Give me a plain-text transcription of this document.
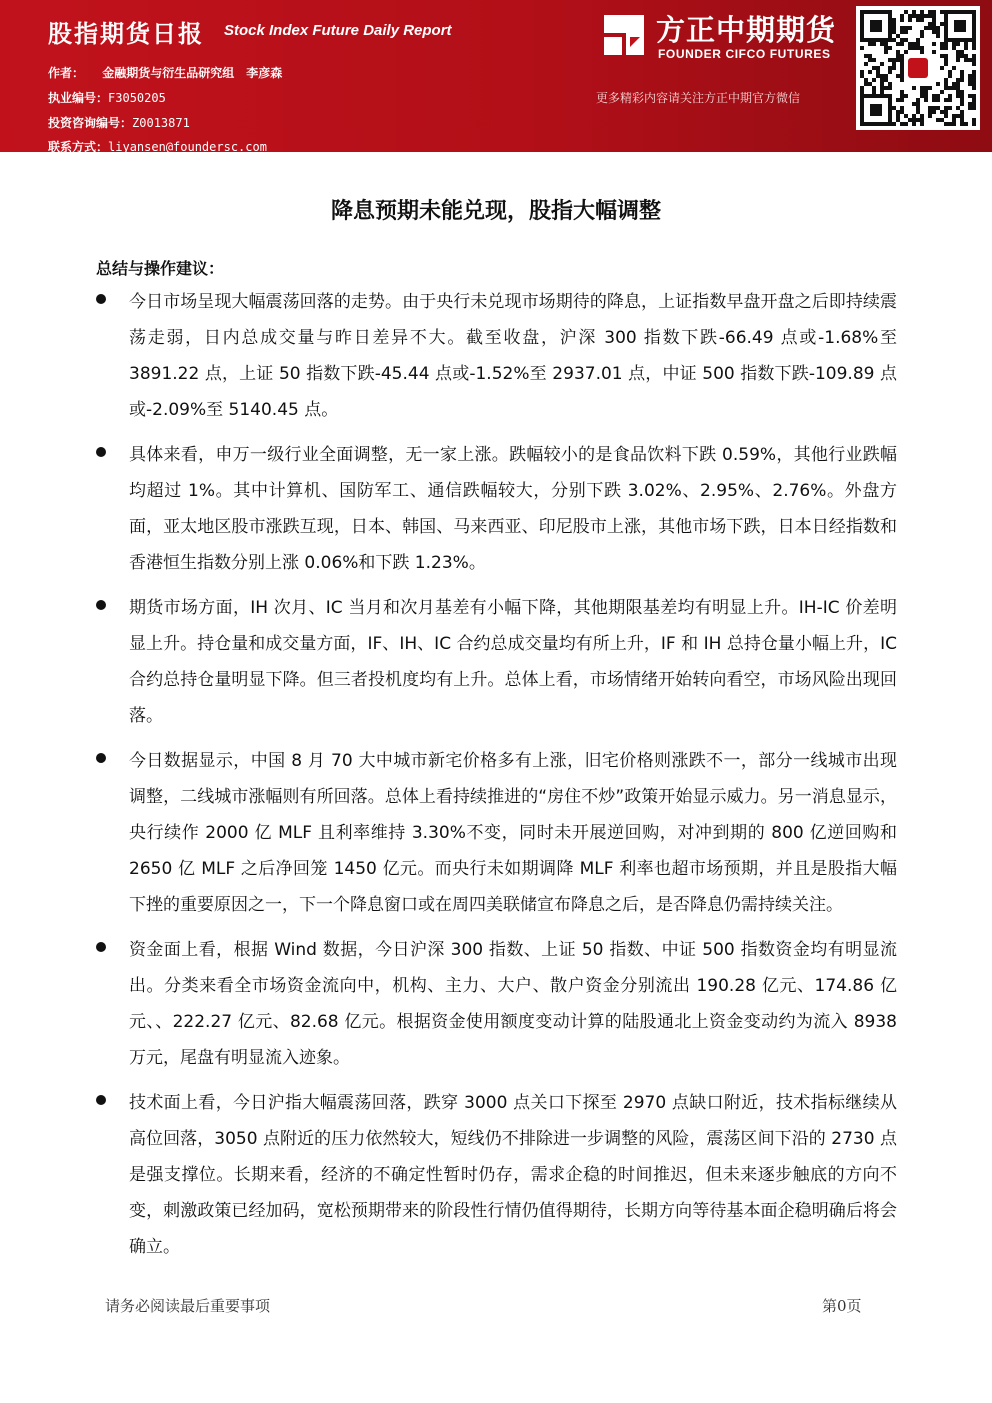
股指期货日报 Stock Index Future Daily Report
作者： 金融期货与衍生品研究组　李彦森
执业编号：F3050205
投资咨询编号：Z0013871
联系方式：liyansen@foundersc.com
方正中期期货
FOUNDER CIFCO FUTURES
更多精彩内容请关注方正中期官方微信
降息预期未能兑现，股指大幅调整
总结与操作建议：
今日市场呈现大幅震荡回落的走势。由于央行未兑现市场期待的降息，上证指数早盘开盘之后即持续震荡走弱，日内总成交量与昨日差异不大。截至收盘，沪深 300 指数下跌-66.49 点或-1.68%至 3891.22 点，上证 50 指数下跌-45.44 点或-1.52%至 2937.01 点，中证 500 指数下跌-109.89 点或-2.09%至 5140.45 点。
具体来看，申万一级行业全面调整，无一家上涨。跌幅较小的是食品饮料下跌 0.59%，其他行业跌幅均超过 1%。其中计算机、国防军工、通信跌幅较大，分别下跌 3.02%、2.95%、2.76%。外盘方面，亚太地区股市涨跌互现，日本、韩国、马来西亚、印尼股市上涨，其他市场下跌，日本日经指数和香港恒生指数分别上涨 0.06%和下跌 1.23%。
期货市场方面，IH 次月、IC 当月和次月基差有小幅下降，其他期限基差均有明显上升。IH-IC 价差明显上升。持仓量和成交量方面，IF、IH、IC 合约总成交量均有所上升，IF 和 IH 总持仓量小幅上升，IC 合约总持仓量明显下降。但三者投机度均有上升。总体上看，市场情绪开始转向看空，市场风险出现回落。
今日数据显示，中国 8 月 70 大中城市新宅价格多有上涨，旧宅价格则涨跌不一，部分一线城市出现调整，二线城市涨幅则有所回落。总体上看持续推进的“房住不炒”政策开始显示威力。另一消息显示，央行续作 2000 亿 MLF 且利率维持 3.30%不变，同时未开展逆回购，对冲到期的 800 亿逆回购和 2650 亿 MLF 之后净回笼 1450 亿元。而央行未如期调降 MLF 利率也超市场预期，并且是股指大幅下挫的重要原因之一，下一个降息窗口或在周四美联储宣布降息之后，是否降息仍需持续关注。
资金面上看，根据 Wind 数据，今日沪深 300 指数、上证 50 指数、中证 500 指数资金均有明显流出。分类来看全市场资金流向中，机构、主力、大户、散户资金分别流出 190.28 亿元、174.86 亿元、、222.27 亿元、82.68 亿元。根据资金使用额度变动计算的陆股通北上资金变动约为流入 8938 万元，尾盘有明显流入迹象。
技术面上看，今日沪指大幅震荡回落，跌穿 3000 点关口下探至 2970 点缺口附近，技术指标继续从高位回落，3050 点附近的压力依然较大，短线仍不排除进一步调整的风险，震荡区间下沿的 2730 点是强支撑位。长期来看，经济的不确定性暂时仍存，需求企稳的时间推迟，但未来逐步触底的方向不变，刺激政策已经加码，宽松预期带来的阶段性行情仍值得期待，长期方向等待基本面企稳明确后将会确立。
请务必阅读最后重要事项	第0页
